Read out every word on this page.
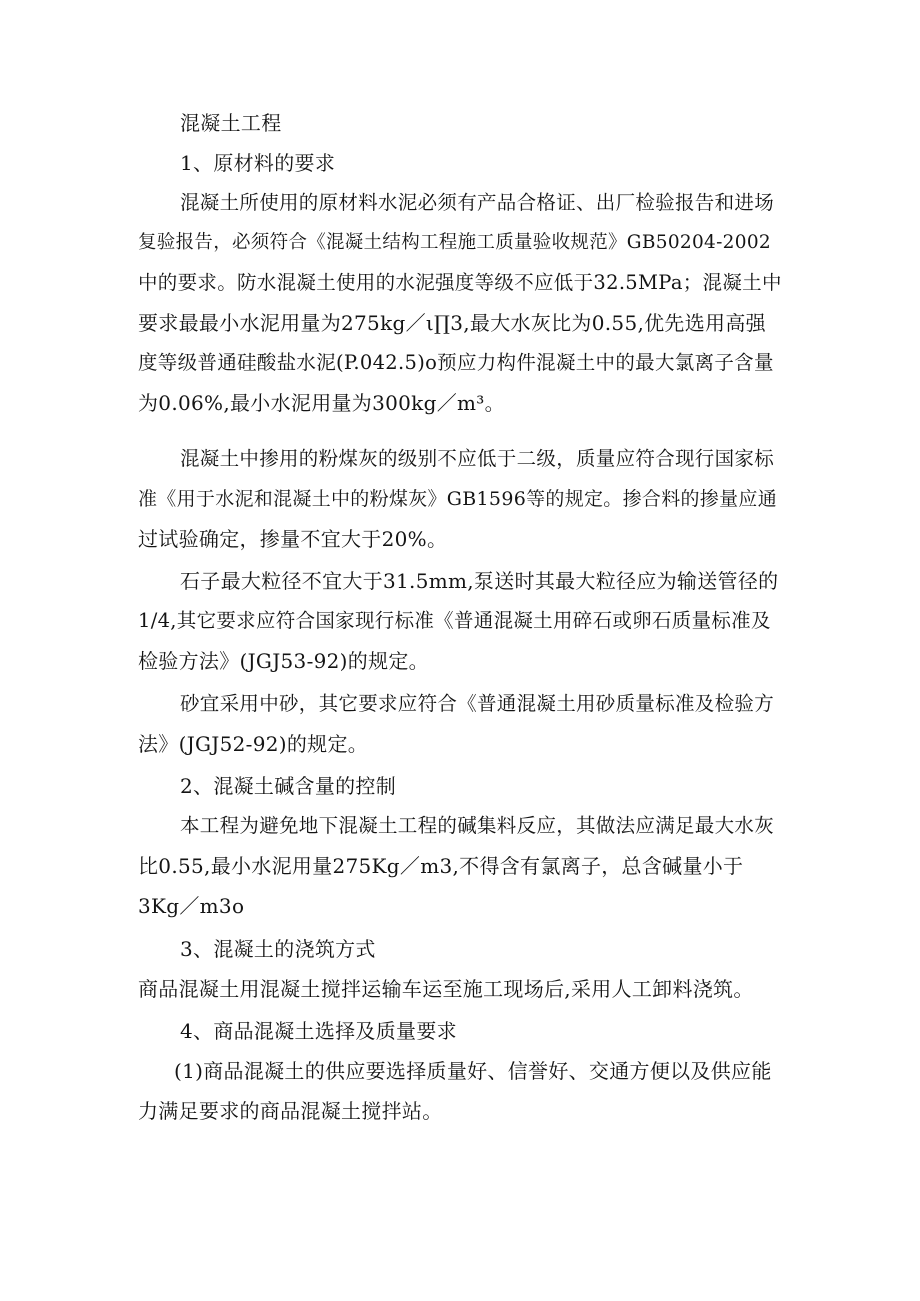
混凝土工程
1、原材料的要求
混凝土所使用的原材料水泥必须有产品合格证、出厂检验报告和进场
复验报告，必须符合《混凝土结构工程施工质量验收规范》GB50204-2002
中的要求。防水混凝土使用的水泥强度等级不应低于32.5MPa；混凝土中
要求最最小水泥用量为275kg／ι∏3,最大水灰比为0.55,优先选用高强
度等级普通硅酸盐水泥(P.042.5)o预应力构件混凝土中的最大氯离子含量
为0.06%,最小水泥用量为300kg／m³。
混凝土中掺用的粉煤灰的级别不应低于二级，质量应符合现行国家标
准《用于水泥和混凝土中的粉煤灰》GB1596等的规定。掺合料的掺量应通
过试验确定，掺量不宜大于20%。
石子最大粒径不宜大于31.5mm,泵送时其最大粒径应为输送管径的
1/4,其它要求应符合国家现行标准《普通混凝土用碎石或卵石质量标准及
检验方法》(JGJ53-92)的规定。
砂宜采用中砂，其它要求应符合《普通混凝土用砂质量标准及检验方
法》(JGJ52-92)的规定。
2、混凝土碱含量的控制
本工程为避免地下混凝土工程的碱集料反应，其做法应满足最大水灰
比0.55,最小水泥用量275Kg／m3,不得含有氯离子，总含碱量小于
3Kg／m3o
3、混凝土的浇筑方式
商品混凝土用混凝土搅拌运输车运至施工现场后,采用人工卸料浇筑。
4、商品混凝土选择及质量要求
(1)商品混凝土的供应要选择质量好、信誉好、交通方便以及供应能
力满足要求的商品混凝土搅拌站。
